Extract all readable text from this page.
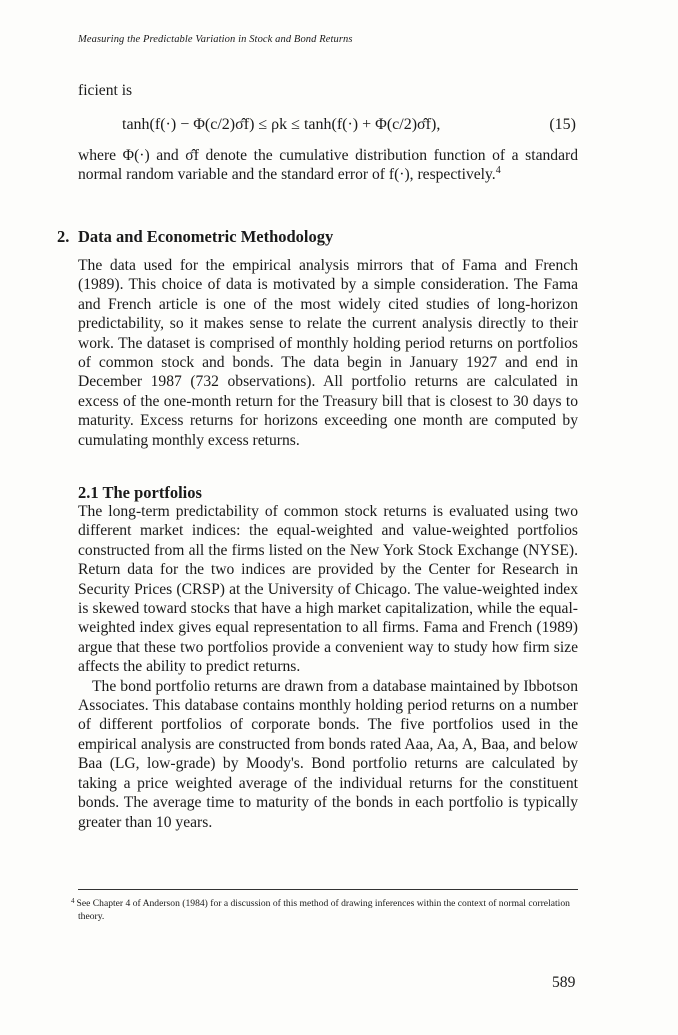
Measuring the Predictable Variation in Stock and Bond Returns
ficient is
tanh(f(·) − Φ(c/2)σ̂f) ≤ ρk ≤ tanh(f(·) + Φ(c/2)σ̂f),	(15)

where Φ(·) and σ̂f denote the cumulative distribution function of a standard normal random variable and the standard error of f(·), respectively.$^4$

2. Data and Econometric Methodology

The data used for the empirical analysis mirrors that of Fama and French (1989). This choice of data is motivated by a simple consideration. The Fama and French article is one of the most widely cited studies of long-horizon predictability, so it makes sense to relate the current analysis directly to their work. The dataset is comprised of monthly holding period returns on portfolios of common stock and bonds. The data begin in January 1927 and end in December 1987 (732 observations). All portfolio returns are calculated in excess of the one-month return for the Treasury bill that is closest to 30 days to maturity. Excess returns for horizons exceeding one month are computed by cumulating monthly excess returns.

2.1 The portfolios

The long-term predictability of common stock returns is evaluated using two different market indices: the equal-weighted and value-weighted portfolios constructed from all the firms listed on the New York Stock Exchange (NYSE). Return data for the two indices are provided by the Center for Research in Security Prices (CRSP) at the University of Chicago. The value-weighted index is skewed toward stocks that have a high market capitalization, while the equal-weighted index gives equal representation to all firms. Fama and French (1989) argue that these two portfolios provide a convenient way to study how firm size affects the ability to predict returns.

The bond portfolio returns are drawn from a database maintained by Ibbotson Associates. This database contains monthly holding period returns on a number of different portfolios of corporate bonds. The five portfolios used in the empirical analysis are constructed from bonds rated Aaa, Aa, A, Baa, and below Baa (LG, low-grade) by Moody's. Bond portfolio returns are calculated by taking a price weighted average of the individual returns for the constituent bonds. The average time to maturity of the bonds in each portfolio is typically greater than 10 years.

$^4$ See Chapter 4 of Anderson (1984) for a discussion of this method of drawing inferences within the context of normal correlation theory.
589
